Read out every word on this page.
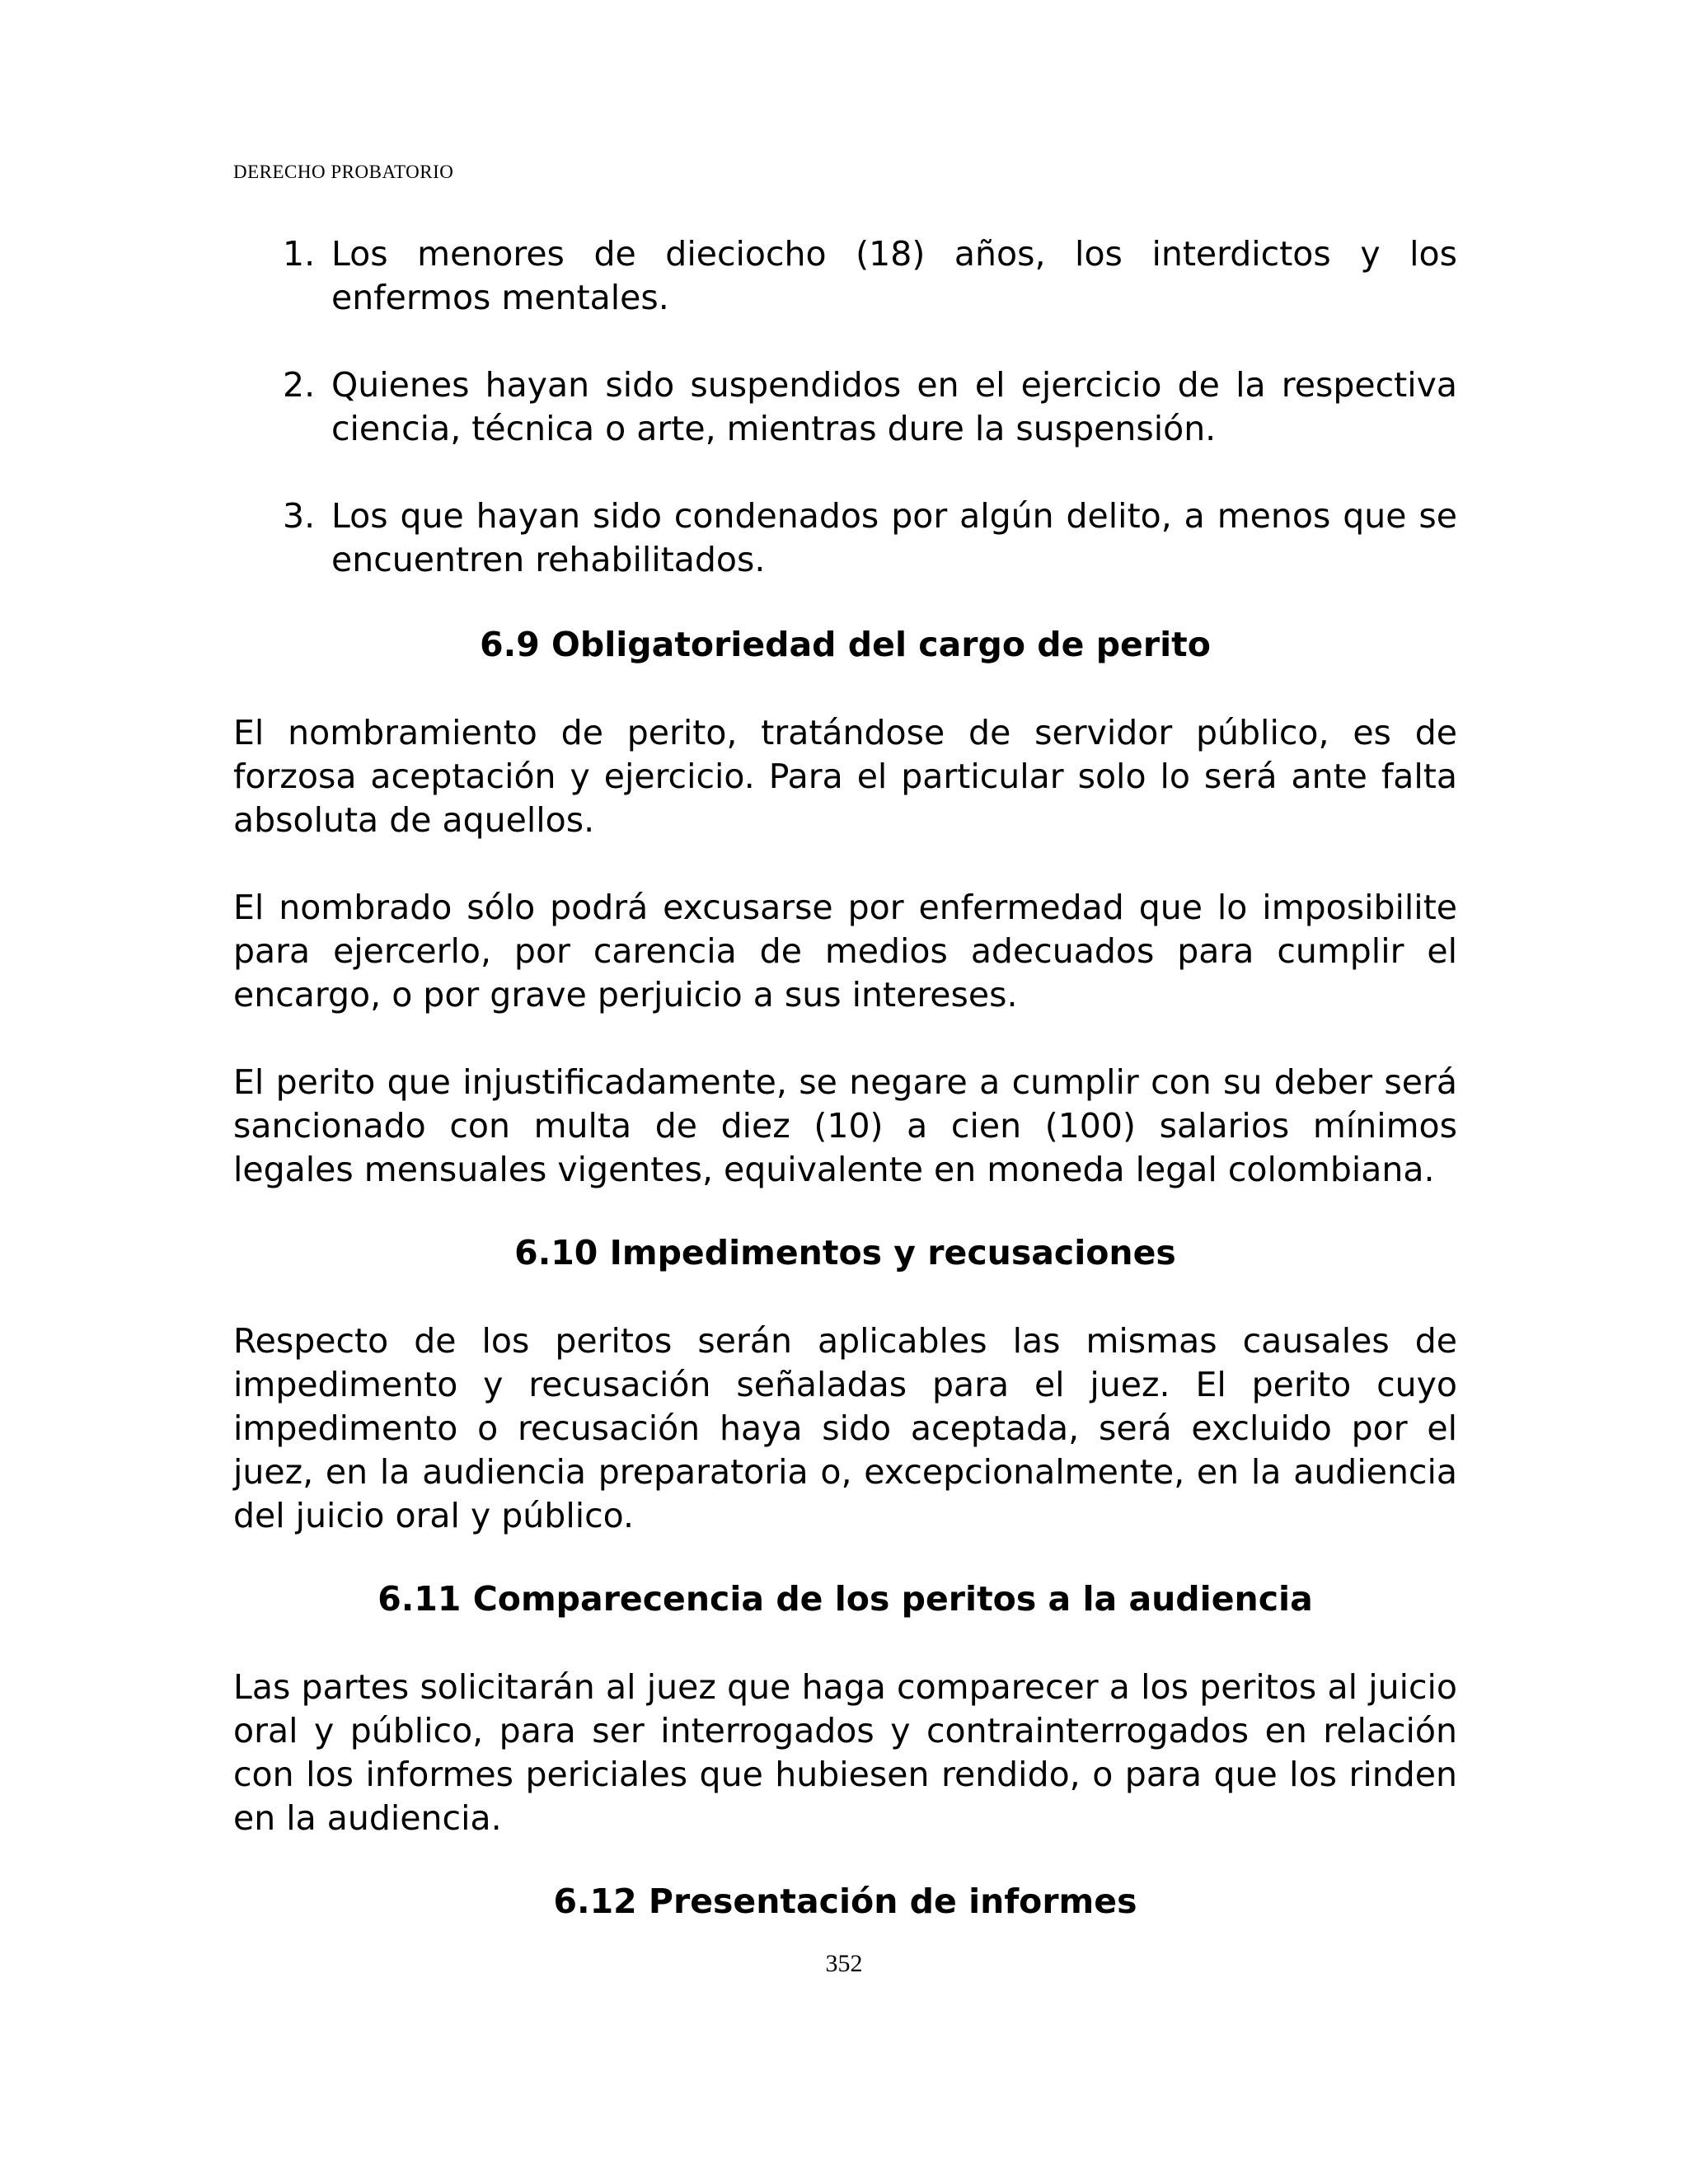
DERECHO PROBATORIO
1. Los menores de dieciocho (18) años, los interdictos y los enfermos mentales.
2. Quienes hayan sido suspendidos en el ejercicio de la respectiva ciencia, técnica o arte, mientras dure la suspensión.
3. Los que hayan sido condenados por algún delito, a menos que se encuentren rehabilitados.
6.9 Obligatoriedad del cargo de perito

El nombramiento de perito, tratándose de servidor público, es de forzosa aceptación y ejercicio. Para el particular solo lo será ante falta absoluta de aquellos.

El nombrado sólo podrá excusarse por enfermedad que lo imposibilite para ejercerlo, por carencia de medios adecuados para cumplir el encargo, o por grave perjuicio a sus intereses.

El perito que injustificadamente, se negare a cumplir con su deber será sancionado con multa de diez (10) a cien (100) salarios mínimos legales mensuales vigentes, equivalente en moneda legal colombiana.

6.10 Impedimentos y recusaciones

Respecto de los peritos serán aplicables las mismas causales de impedimento y recusación señaladas para el juez. El perito cuyo impedimento o recusación haya sido aceptada, será excluido por el juez, en la audiencia preparatoria o, excepcionalmente, en la audiencia del juicio oral y público.

6.11 Comparecencia de los peritos a la audiencia

Las partes solicitarán al juez que haga comparecer a los peritos al juicio oral y público, para ser interrogados y contrainterrogados en relación con los informes periciales que hubiesen rendido, o para que los rinden en la audiencia.

6.12 Presentación de informes
352
